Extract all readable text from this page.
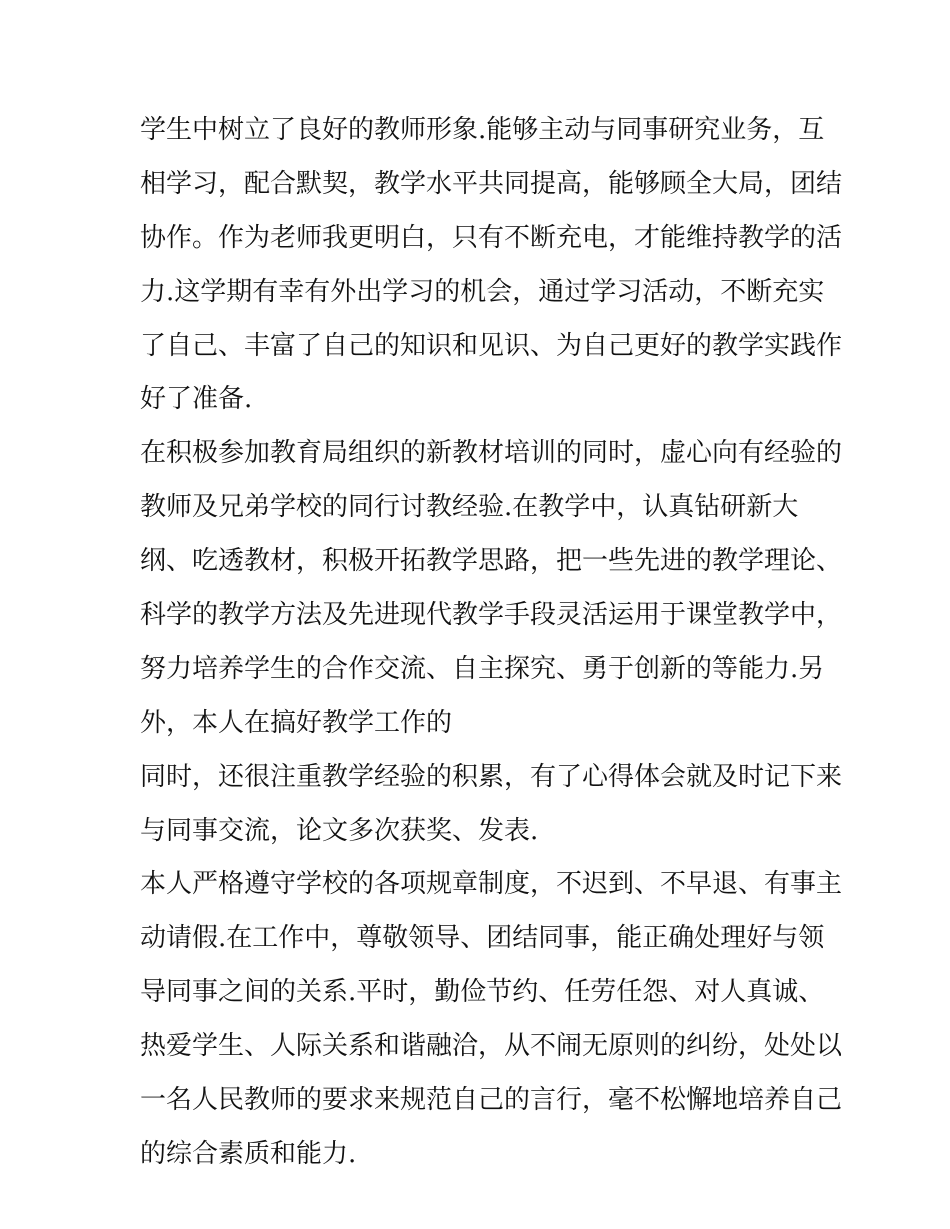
学生中树立了良好的教师形象.能够主动与同事研究业务，互
相学习，配合默契，教学水平共同提高，能够顾全大局，团结
协作。作为老师我更明白，只有不断充电，才能维持教学的活
力.这学期有幸有外出学习的机会，通过学习活动，不断充实
了自己、丰富了自己的知识和见识、为自己更好的教学实践作
好了准备.
在积极参加教育局组织的新教材培训的同时，虚心向有经验的
教师及兄弟学校的同行讨教经验.在教学中，认真钻研新大
纲、吃透教材，积极开拓教学思路，把一些先进的教学理论、
科学的教学方法及先进现代教学手段灵活运用于课堂教学中，
努力培养学生的合作交流、自主探究、勇于创新的等能力.另
外，本人在搞好教学工作的
同时，还很注重教学经验的积累，有了心得体会就及时记下来
与同事交流，论文多次获奖、发表.
本人严格遵守学校的各项规章制度，不迟到、不早退、有事主
动请假.在工作中，尊敬领导、团结同事，能正确处理好与领
导同事之间的关系.平时，勤俭节约、任劳任怨、对人真诚、
热爱学生、人际关系和谐融洽，从不闹无原则的纠纷，处处以
一名人民教师的要求来规范自己的言行，毫不松懈地培养自己
的综合素质和能力.
